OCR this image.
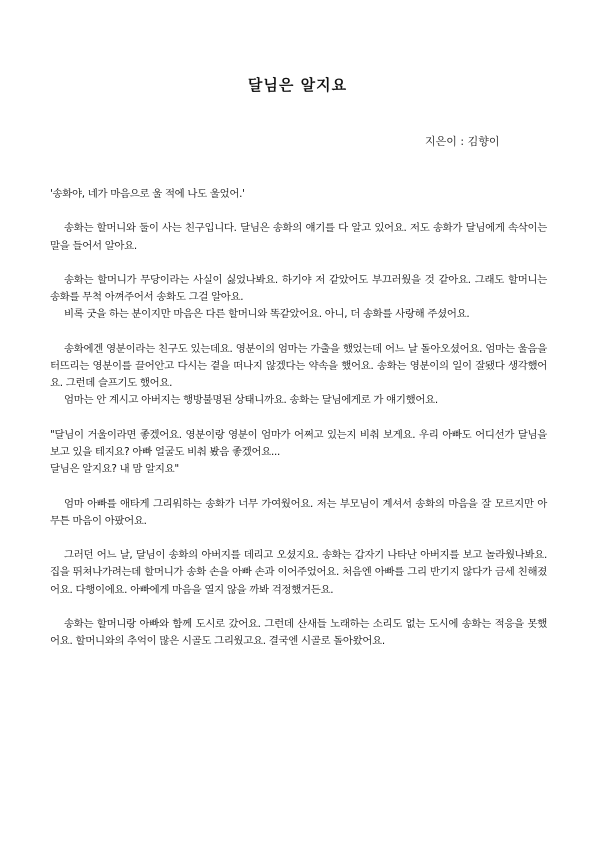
달님은 알지요
지은이 : 김향이

'송화야, 네가 마음으로 울 적에 나도 울었어.'

송화는 할머니와 둘이 사는 친구입니다. 달님은 송화의 얘기를 다 알고 있어요. 저도 송화가 달님에게 속삭이는 말을 들어서 알아요.

송화는 할머니가 무당이라는 사실이 싫었나봐요. 하기야 저 같았어도 부끄러웠을 것 같아요. 그래도 할머니는 송화를 무척 아껴주어서 송화도 그걸 알아요.
비록 굿을 하는 분이지만 마음은 다른 할머니와 똑같았어요. 아니, 더 송화를 사랑해 주셨어요.

송화에겐 영분이라는 친구도 있는데요. 영분이의 엄마는 가출을 했었는데 어느 날 돌아오셨어요. 엄마는 울음을 터뜨리는 영분이를 끌어안고 다시는 곁을 떠나지 않겠다는 약속을 했어요. 송화는 영분이의 일이 잘됐다 생각했어요. 그런데 슬프기도 했어요.
엄마는 안 계시고 아버지는 행방불명된 상태니까요. 송화는 달님에게로 가 얘기했어요.

"달님이 거울이라면 좋겠어요. 영분이랑 영분이 엄마가 어쩌고 있는지 비춰 보게요. 우리 아빠도 어디선가 달님을 보고 있을 테지요? 아빠 얼굴도 비춰 봤음 좋겠어요...
달님은 알지요? 내 맘 알지요"

엄마 아빠를 애타게 그리워하는 송화가 너무 가여웠어요. 저는 부모님이 계셔서 송화의 마음을 잘 모르지만 아무튼 마음이 아팠어요.

그러던 어느 날, 달님이 송화의 아버지를 데리고 오셨지요. 송화는 갑자기 나타난 아버지를 보고 놀라웠나봐요. 집을 뛰쳐나가려는데 할머니가 송화 손을 아빠 손과 이어주었어요. 처음엔 아빠를 그리 반기지 않다가 금세 친해졌어요. 다행이에요. 아빠에게 마음을 열지 않을 까봐 걱정했거든요.

송화는 할머니랑 아빠와 함께 도시로 갔어요. 그런데 산새들 노래하는 소리도 없는 도시에 송화는 적응을 못했어요. 할머니와의 추억이 많은 시골도 그리웠고요. 결국엔 시골로 돌아왔어요.
